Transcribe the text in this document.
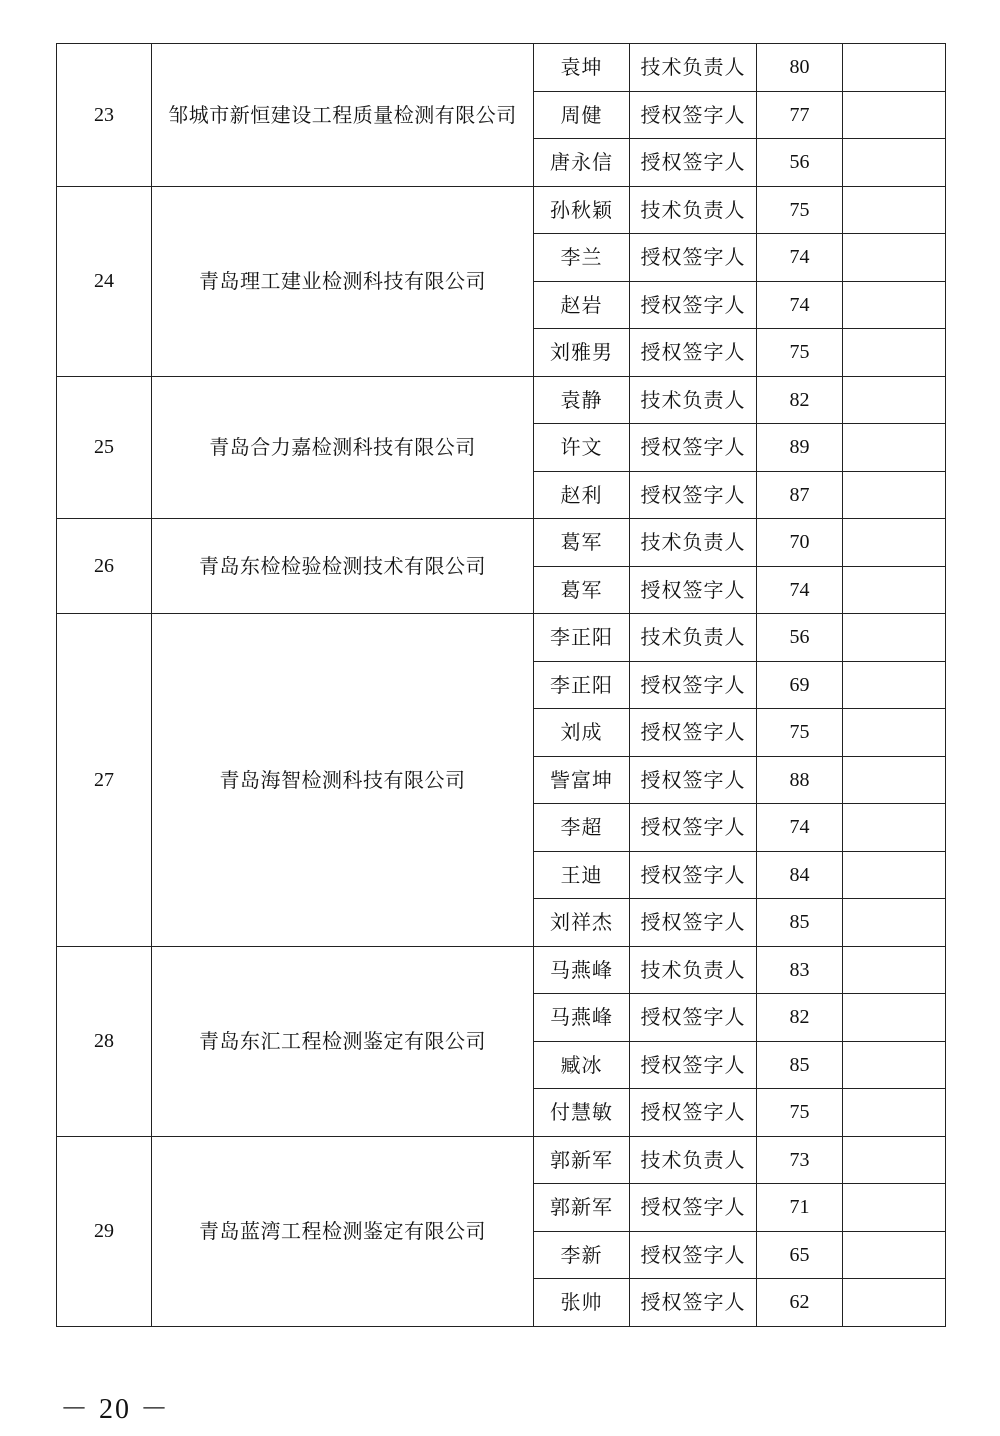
23	邹城市新恒建设工程质量检测有限公司	袁坤	技术负责人	80	
		周健	授权签字人	77	
		唐永信	授权签字人	56	
24	青岛理工建业检测科技有限公司	孙秋颖	技术负责人	75	
		李兰	授权签字人	74	
		赵岩	授权签字人	74	
		刘雅男	授权签字人	75	
25	青岛合力嘉检测科技有限公司	袁静	技术负责人	82	
		许文	授权签字人	89	
		赵利	授权签字人	87	
26	青岛东检检验检测技术有限公司	葛军	技术负责人	70	
		葛军	授权签字人	74	
27	青岛海智检测科技有限公司	李正阳	技术负责人	56	
		李正阳	授权签字人	69	
		刘成	授权签字人	75	
		訾富坤	授权签字人	88	
		李超	授权签字人	74	
		王迪	授权签字人	84	
		刘祥杰	授权签字人	85	
28	青岛东汇工程检测鉴定有限公司	马燕峰	技术负责人	83	
		马燕峰	授权签字人	82	
		臧冰	授权签字人	85	
		付慧敏	授权签字人	75	
29	青岛蓝湾工程检测鉴定有限公司	郭新军	技术负责人	73	
		郭新军	授权签字人	71	
		李新	授权签字人	65	
		张帅	授权签字人	62	
－ 20 －
